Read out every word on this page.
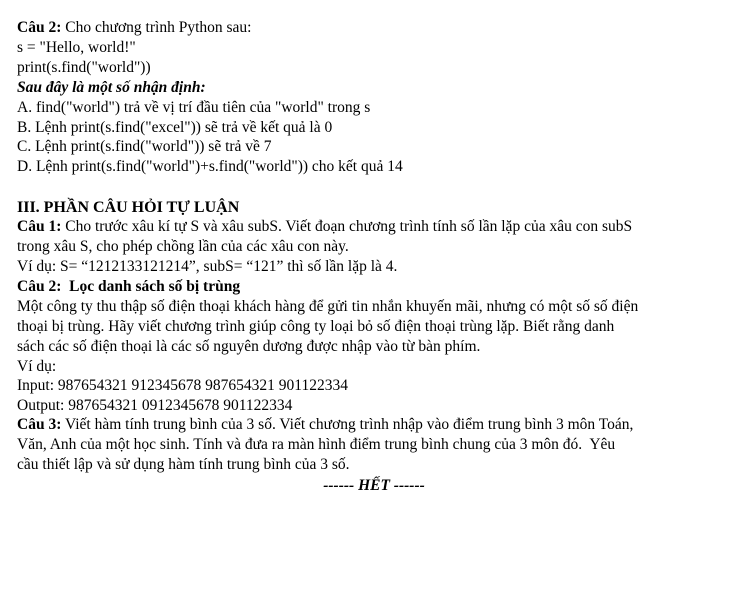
Câu 2: Cho chương trình Python sau:
s = "Hello, world!"
print(s.find("world"))
Sau đây là một số nhận định:
A. find("world") trả về vị trí đầu tiên của "world" trong s
B. Lệnh print(s.find("excel")) sẽ trả về kết quả là 0
C. Lệnh print(s.find("world")) sẽ trả về 7
D. Lệnh print(s.find("world")+s.find("world")) cho kết quả 14
III. PHẦN CÂU HỎI TỰ LUẬN
Câu 1: Cho trước xâu kí tự S và xâu subS. Viết đoạn chương trình tính số lần lặp của xâu con subS
trong xâu S, cho phép chồng lần của các xâu con này.
Ví dụ: S= “1212133121214”, subS= “121” thì số lần lặp là 4.
Câu 2:  Lọc danh sách số bị trùng
Một công ty thu thập số điện thoại khách hàng để gửi tin nhắn khuyến mãi, nhưng có một số số điện
thoại bị trùng. Hãy viết chương trình giúp công ty loại bỏ số điện thoại trùng lặp. Biết rằng danh
sách các số điện thoại là các số nguyên dương được nhập vào từ bàn phím.
Ví dụ:
Input: 987654321 912345678 987654321 901122334
Output: 987654321 0912345678 901122334
Câu 3: Viết hàm tính trung bình của 3 số. Viết chương trình nhập vào điểm trung bình 3 môn Toán,
Văn, Anh của một học sinh. Tính và đưa ra màn hình điểm trung bình chung của 3 môn đó.  Yêu
cầu thiết lập và sử dụng hàm tính trung bình của 3 số.
------ HẾT ------
